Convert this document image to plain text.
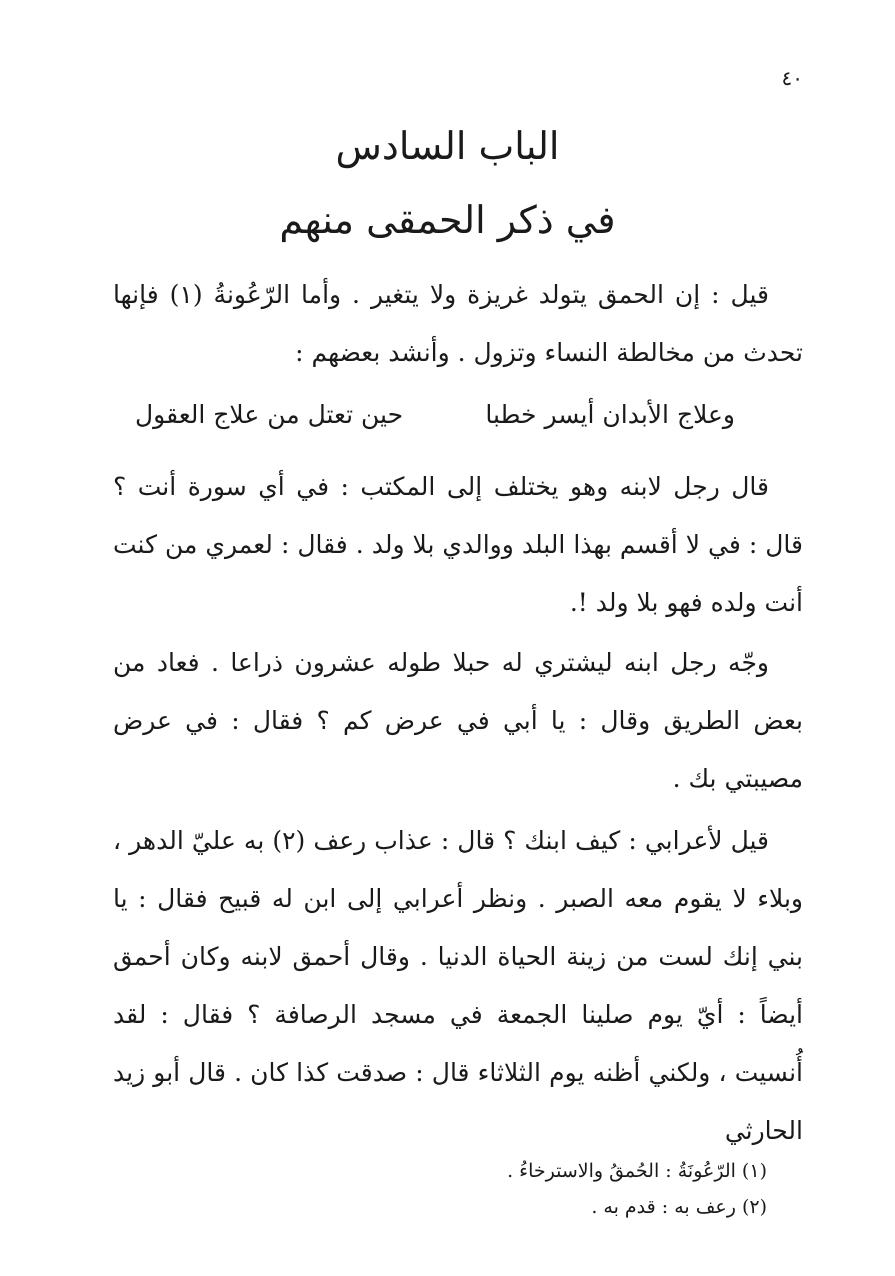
٤٠
الباب السادس
في ذكر الحمقى منهم

قيل : إن الحمق يتولد غريزة ولا يتغير . وأما الرّعُونةُ (١) فإنها تحدث من مخالطة النساء وتزول . وأنشد بعضهم :

وعلاج الأبدان أيسر خطبا
حين تعتل من علاج العقول

قال رجل لابنه وهو يختلف إلى المكتب : في أي سورة أنت ؟ قال : في لا أقسم بهذا البلد ووالدي بلا ولد . فقال : لعمري من كنت أنت ولده فهو بلا ولد !.

وجّه رجل ابنه ليشتري له حبلا طوله عشرون ذراعا . فعاد من بعض الطريق وقال : يا أبي في عرض كم ؟ فقال : في عرض مصيبتي بك .

قيل لأعرابي : كيف ابنك ؟ قال : عذاب رعف (٢) به عليّ الدهر ، وبلاء لا يقوم معه الصبر . ونظر أعرابي إلى ابن له قبيح فقال : يا بني إنك لست من زينة الحياة الدنيا . وقال أحمق لابنه وكان أحمق أيضاً : أيّ يوم صلينا الجمعة في مسجد الرصافة ؟ فقال : لقد أُنسيت ، ولكني أظنه يوم الثلاثاء قال : صدقت كذا كان . قال أبو زيد الحارثي

(١) الرّعُونَةُ : الحُمقُ والاسترخاءُ .
(٢) رعف به : قدم به .
